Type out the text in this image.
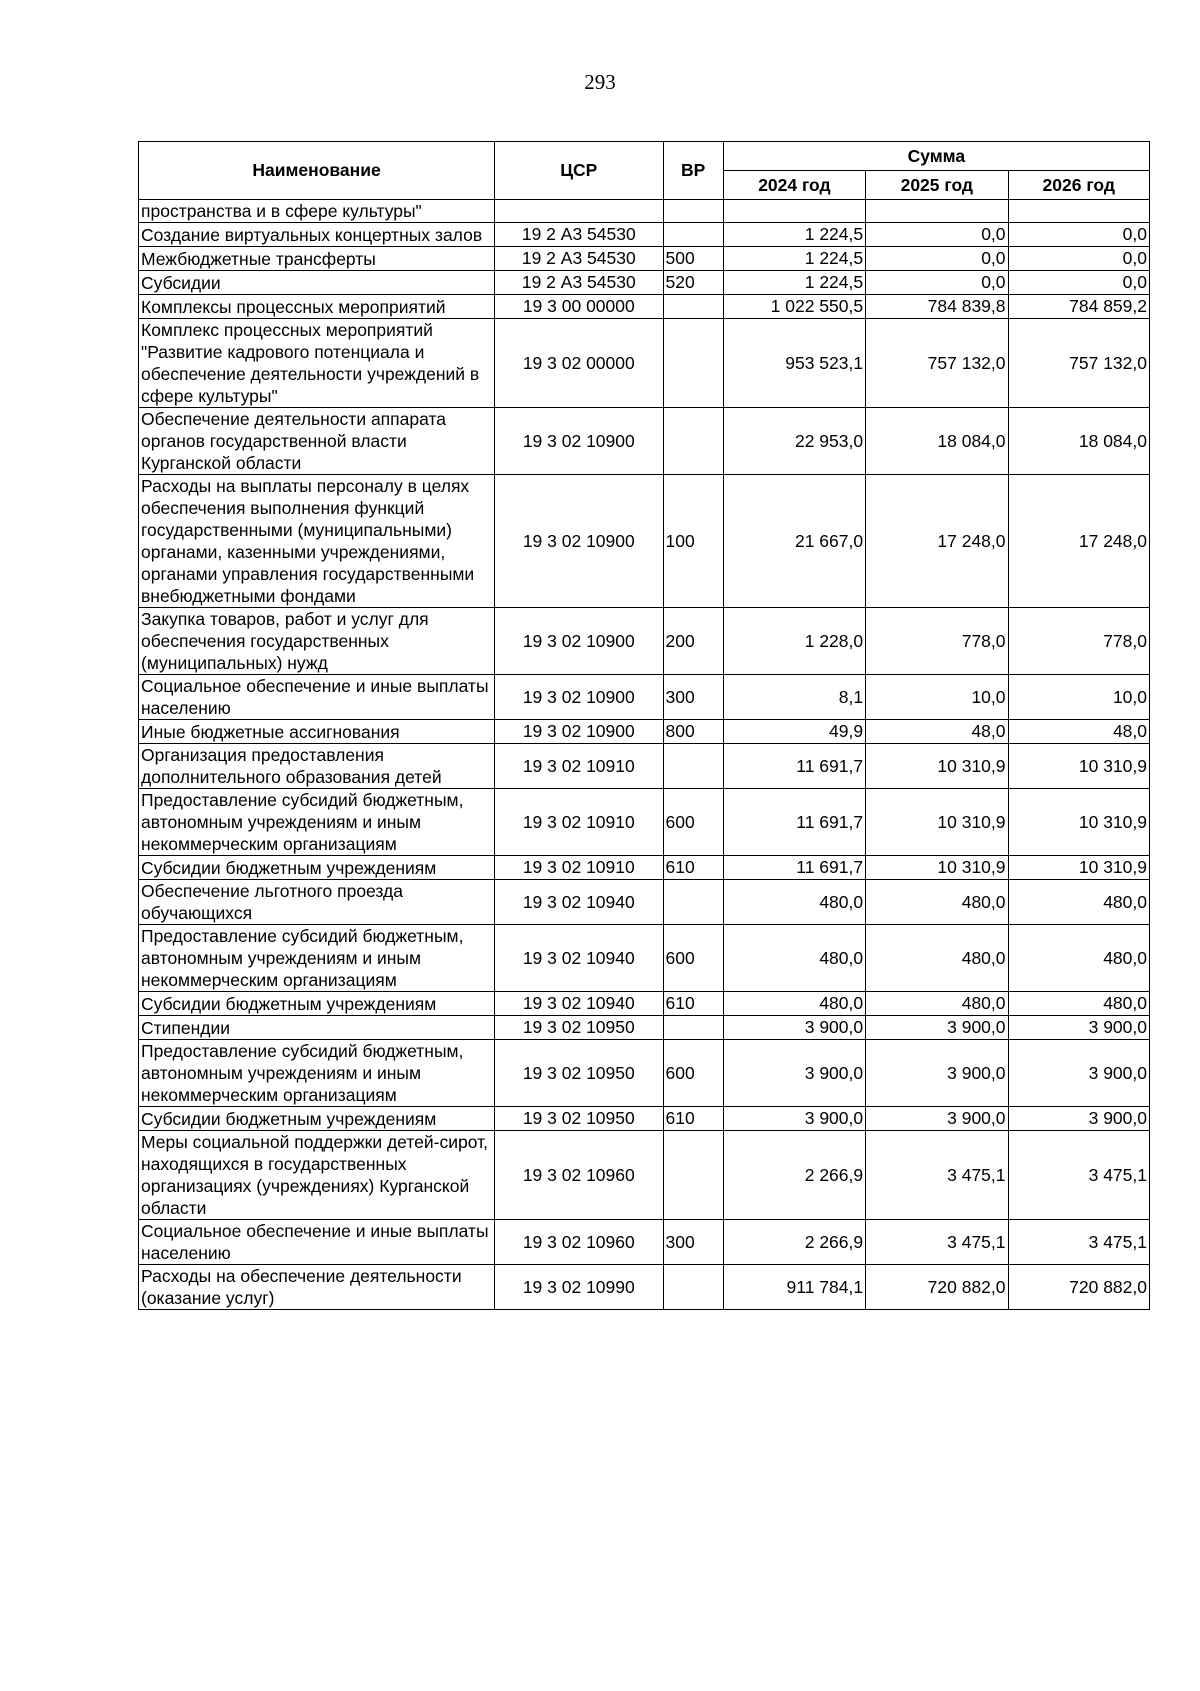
293
Наименование	ЦСР	ВР	Сумма		
			2024 год	2025 год	2026 год
пространства и в сфере культуры"					
Создание виртуальных концертных залов	19 2 А3 54530		1 224,5	0,0	0,0
Межбюджетные трансферты	19 2 А3 54530	500	1 224,5	0,0	0,0
Субсидии	19 2 А3 54530	520	1 224,5	0,0	0,0
Комплексы процессных мероприятий	19 3 00 00000		1 022 550,5	784 839,8	784 859,2
Комплекс процессных мероприятий "Развитие кадрового потенциала и обеспечение деятельности учреждений в сфере культуры"	19 3 02 00000		953 523,1	757 132,0	757 132,0
Обеспечение деятельности аппарата органов государственной власти Курганской области	19 3 02 10900		22 953,0	18 084,0	18 084,0
Расходы на выплаты персоналу в целях обеспечения выполнения функций государственными (муниципальными) органами, казенными учреждениями, органами управления государственными внебюджетными фондами	19 3 02 10900	100	21 667,0	17 248,0	17 248,0
Закупка товаров, работ и услуг для обеспечения государственных (муниципальных) нужд	19 3 02 10900	200	1 228,0	778,0	778,0
Социальное обеспечение и иные выплаты населению	19 3 02 10900	300	8,1	10,0	10,0
Иные бюджетные ассигнования	19 3 02 10900	800	49,9	48,0	48,0
Организация предоставления дополнительного образования детей	19 3 02 10910		11 691,7	10 310,9	10 310,9
Предоставление субсидий бюджетным, автономным учреждениям и иным некоммерческим организациям	19 3 02 10910	600	11 691,7	10 310,9	10 310,9
Субсидии бюджетным учреждениям	19 3 02 10910	610	11 691,7	10 310,9	10 310,9
Обеспечение льготного проезда обучающихся	19 3 02 10940		480,0	480,0	480,0
Предоставление субсидий бюджетным, автономным учреждениям и иным некоммерческим организациям	19 3 02 10940	600	480,0	480,0	480,0
Субсидии бюджетным учреждениям	19 3 02 10940	610	480,0	480,0	480,0
Стипендии	19 3 02 10950		3 900,0	3 900,0	3 900,0
Предоставление субсидий бюджетным, автономным учреждениям и иным некоммерческим организациям	19 3 02 10950	600	3 900,0	3 900,0	3 900,0
Субсидии бюджетным учреждениям	19 3 02 10950	610	3 900,0	3 900,0	3 900,0
Меры социальной поддержки детей-сирот, находящихся в государственных организациях (учреждениях) Курганской области	19 3 02 10960		2 266,9	3 475,1	3 475,1
Социальное обеспечение и иные выплаты населению	19 3 02 10960	300	2 266,9	3 475,1	3 475,1
Расходы на обеспечение деятельности (оказание услуг)	19 3 02 10990		911 784,1	720 882,0	720 882,0
